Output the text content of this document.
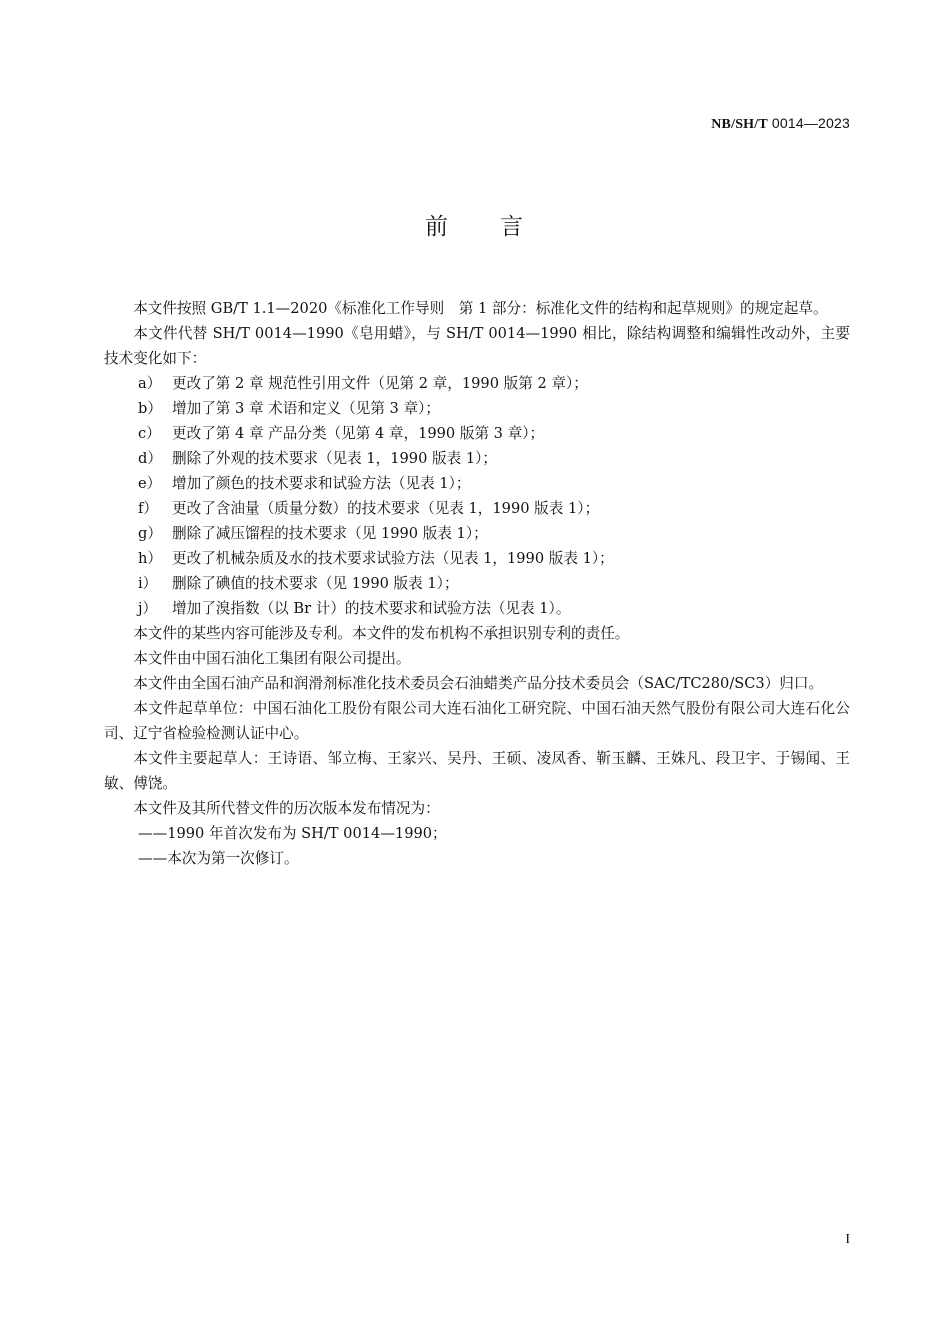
NB/SH/T 0014—2023
前 言

本文件按照 GB/T 1.1—2020《标准化工作导则　第 1 部分：标准化文件的结构和起草规则》的规定起草。

本文件代替 SH/T 0014—1990《皂用蜡》，与 SH/T 0014—1990 相比，除结构调整和编辑性改动外，主要技术变化如下：

a） 更改了第 2 章 规范性引用文件（见第 2 章，1990 版第 2 章）；
b） 增加了第 3 章 术语和定义（见第 3 章）；
c） 更改了第 4 章 产品分类（见第 4 章，1990 版第 3 章）；
d） 删除了外观的技术要求（见表 1，1990 版表 1）；
e） 增加了颜色的技术要求和试验方法（见表 1）；
f） 更改了含油量（质量分数）的技术要求（见表 1，1990 版表 1）；
g） 删除了减压馏程的技术要求（见 1990 版表 1）；
h） 更改了机械杂质及水的技术要求试验方法（见表 1，1990 版表 1）；
i） 删除了碘值的技术要求（见 1990 版表 1）；
j） 增加了溴指数（以 Br 计）的技术要求和试验方法（见表 1）。

本文件的某些内容可能涉及专利。本文件的发布机构不承担识别专利的责任。

本文件由中国石油化工集团有限公司提出。

本文件由全国石油产品和润滑剂标准化技术委员会石油蜡类产品分技术委员会（SAC/TC280/SC3）归口。

本文件起草单位：中国石油化工股份有限公司大连石油化工研究院、中国石油天然气股份有限公司大连石化公司、辽宁省检验检测认证中心。

本文件主要起草人：王诗语、邹立梅、王家兴、吴丹、王硕、凌凤香、靳玉麟、王姝凡、段卫宇、于锡闻、王敏、傅饶。

本文件及其所代替文件的历次版本发布情况为：

——1990 年首次发布为 SH/T 0014—1990；
——本次为第一次修订。
I
